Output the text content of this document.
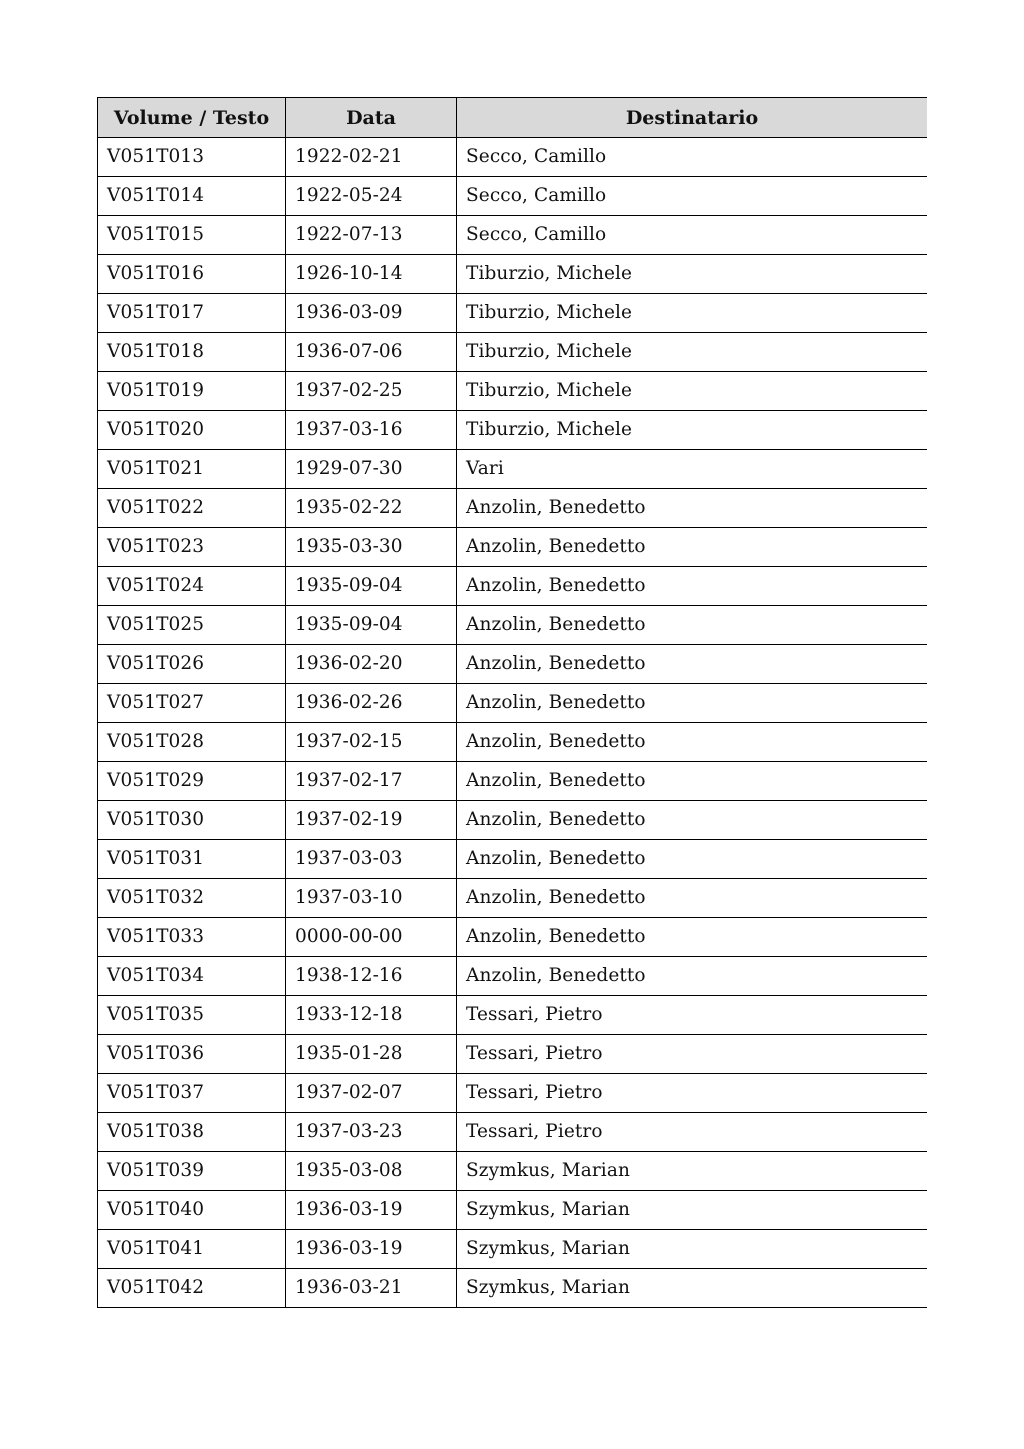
Volume / Testo	Data	Destinatario
V051T013	1922-02-21	Secco, Camillo
V051T014	1922-05-24	Secco, Camillo
V051T015	1922-07-13	Secco, Camillo
V051T016	1926-10-14	Tiburzio, Michele
V051T017	1936-03-09	Tiburzio, Michele
V051T018	1936-07-06	Tiburzio, Michele
V051T019	1937-02-25	Tiburzio, Michele
V051T020	1937-03-16	Tiburzio, Michele
V051T021	1929-07-30	Vari
V051T022	1935-02-22	Anzolin, Benedetto
V051T023	1935-03-30	Anzolin, Benedetto
V051T024	1935-09-04	Anzolin, Benedetto
V051T025	1935-09-04	Anzolin, Benedetto
V051T026	1936-02-20	Anzolin, Benedetto
V051T027	1936-02-26	Anzolin, Benedetto
V051T028	1937-02-15	Anzolin, Benedetto
V051T029	1937-02-17	Anzolin, Benedetto
V051T030	1937-02-19	Anzolin, Benedetto
V051T031	1937-03-03	Anzolin, Benedetto
V051T032	1937-03-10	Anzolin, Benedetto
V051T033	0000-00-00	Anzolin, Benedetto
V051T034	1938-12-16	Anzolin, Benedetto
V051T035	1933-12-18	Tessari, Pietro
V051T036	1935-01-28	Tessari, Pietro
V051T037	1937-02-07	Tessari, Pietro
V051T038	1937-03-23	Tessari, Pietro
V051T039	1935-03-08	Szymkus, Marian
V051T040	1936-03-19	Szymkus, Marian
V051T041	1936-03-19	Szymkus, Marian
V051T042	1936-03-21	Szymkus, Marian
